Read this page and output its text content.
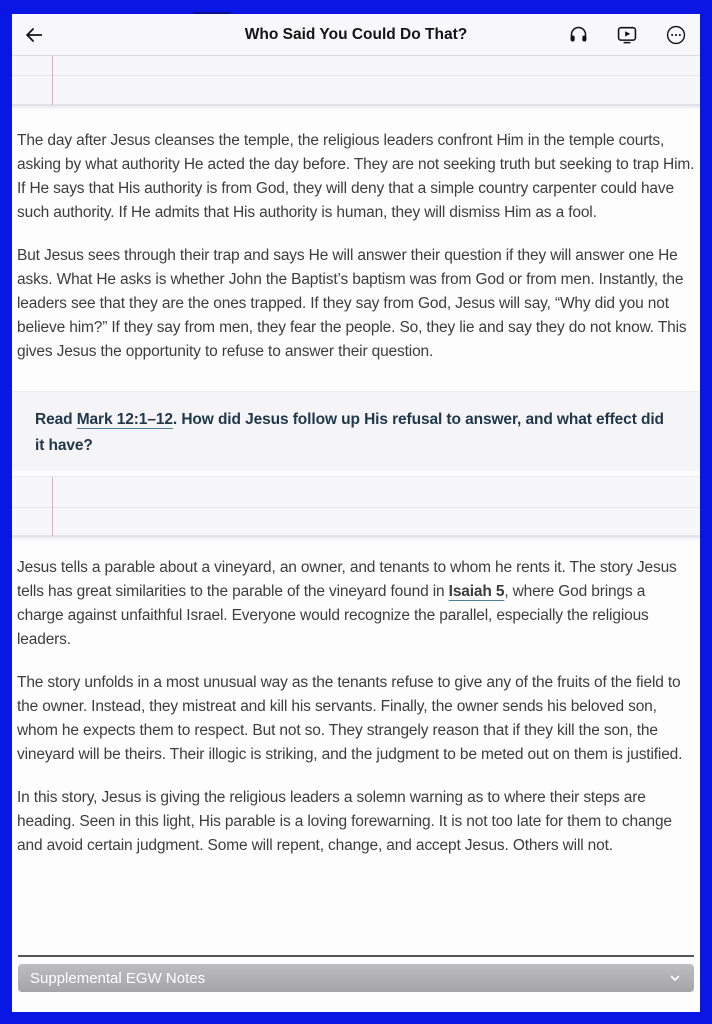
Who Said You Could Do That?

The day after Jesus cleanses the temple, the religious leaders confront Him in the temple courts, asking by what authority He acted the day before. They are not seeking truth but seeking to trap Him. If He says that His authority is from God, they will deny that a simple country carpenter could have such authority. If He admits that His authority is human, they will dismiss Him as a fool.

But Jesus sees through their trap and says He will answer their question if they will answer one He asks. What He asks is whether John the Baptist’s baptism was from God or from men. Instantly, the leaders see that they are the ones trapped. If they say from God, Jesus will say, “Why did you not believe him?” If they say from men, they fear the people. So, they lie and say they do not know. This gives Jesus the opportunity to refuse to answer their question.

Read Mark 12:1–12. How did Jesus follow up His refusal to answer, and what effect did it have?

Jesus tells a parable about a vineyard, an owner, and tenants to whom he rents it. The story Jesus tells has great similarities to the parable of the vineyard found in Isaiah 5, where God brings a charge against unfaithful Israel. Everyone would recognize the parallel, especially the religious leaders.

The story unfolds in a most unusual way as the tenants refuse to give any of the fruits of the field to the owner. Instead, they mistreat and kill his servants. Finally, the owner sends his beloved son, whom he expects them to respect. But not so. They strangely reason that if they kill the son, the vineyard will be theirs. Their illogic is striking, and the judgment to be meted out on them is justified.

In this story, Jesus is giving the religious leaders a solemn warning as to where their steps are heading. Seen in this light, His parable is a loving forewarning. It is not too late for them to change and avoid certain judgment. Some will repent, change, and accept Jesus. Others will not.

Supplemental EGW Notes
